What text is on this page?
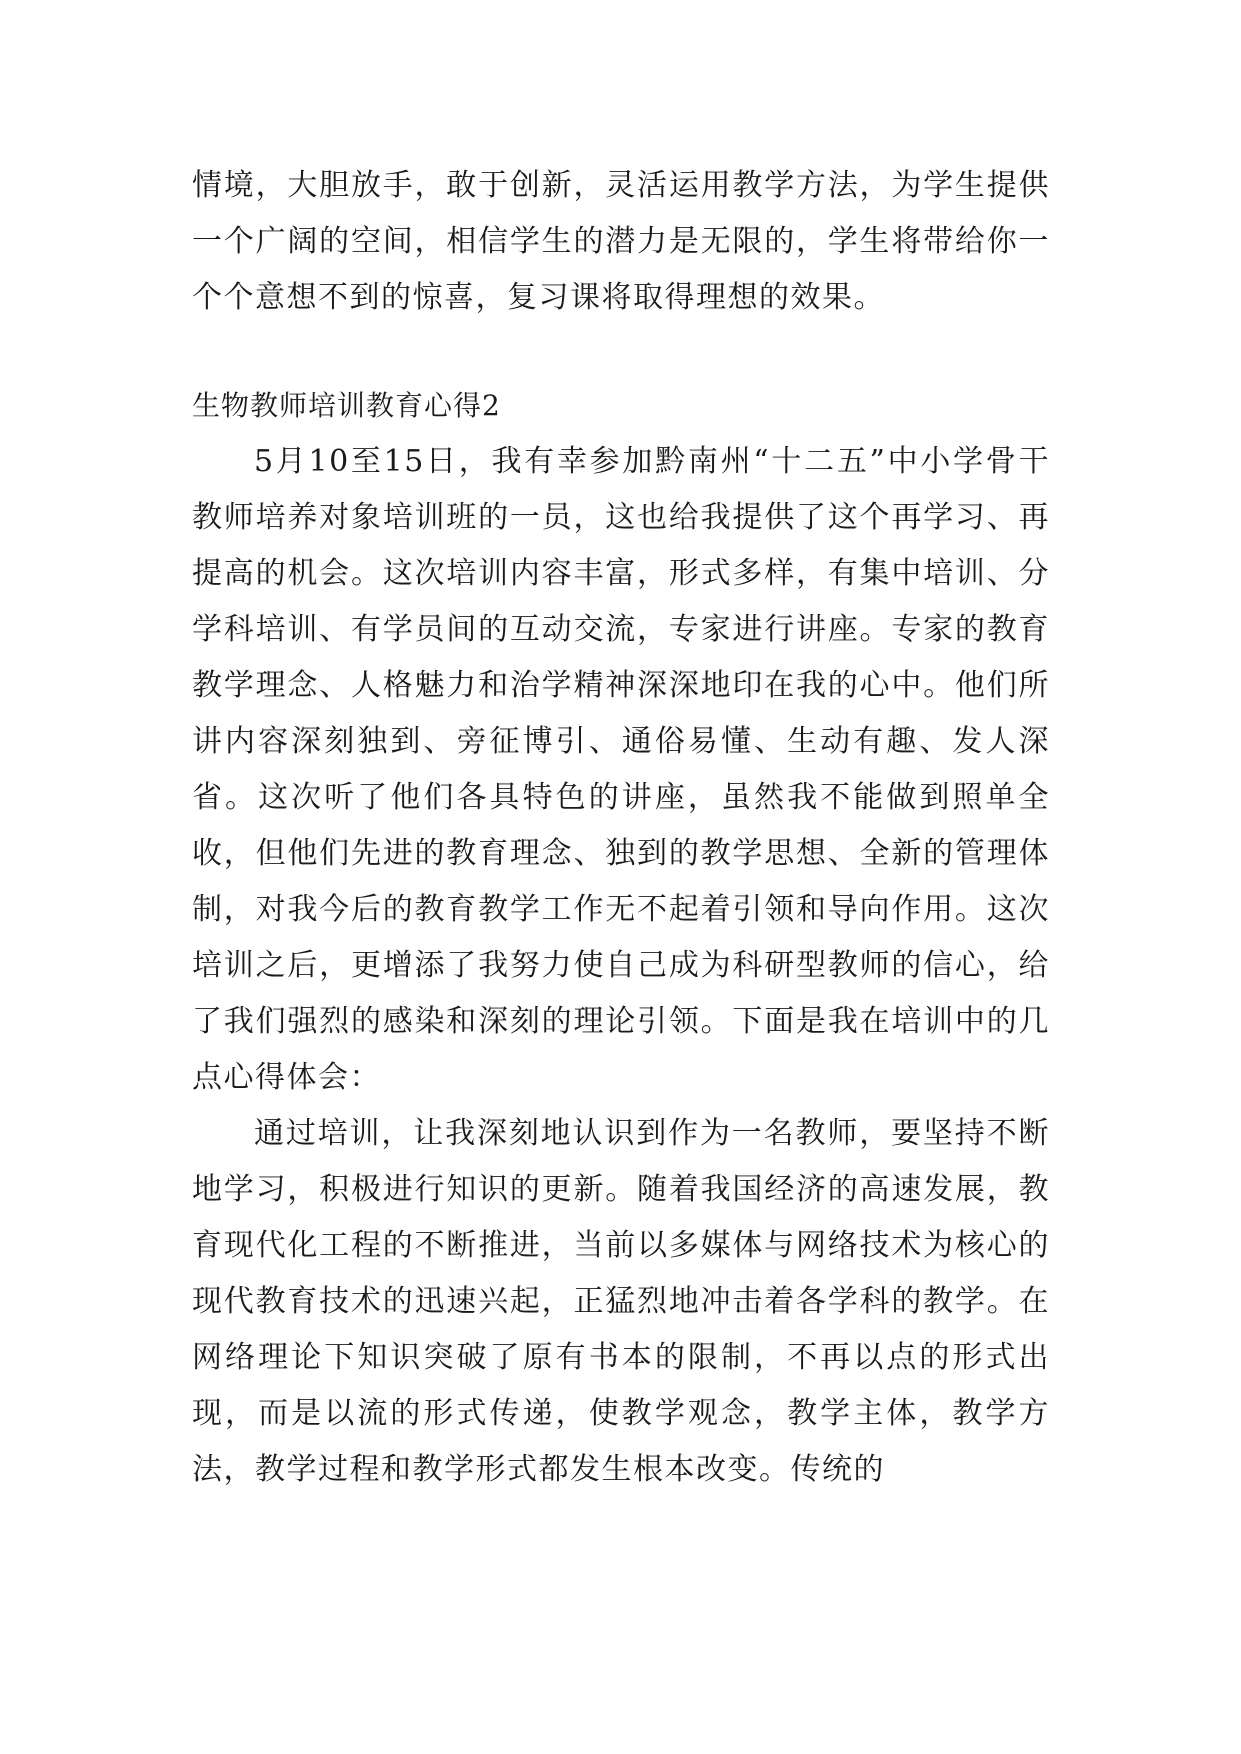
情境，大胆放手，敢于创新，灵活运用教学方法，为学生提供一个广阔的空间，相信学生的潜力是无限的，学生将带给你一个个意想不到的惊喜，复习课将取得理想的效果。

生物教师培训教育心得2

5月10至15日，我有幸参加黔南州“十二五”中小学骨干教师培养对象培训班的一员，这也给我提供了这个再学习、再提高的机会。这次培训内容丰富，形式多样，有集中培训、分学科培训、有学员间的互动交流，专家进行讲座。专家的教育教学理念、人格魅力和治学精神深深地印在我的心中。他们所讲内容深刻独到、旁征博引、通俗易懂、生动有趣、发人深省。这次听了他们各具特色的讲座，虽然我不能做到照单全收，但他们先进的教育理念、独到的教学思想、全新的管理体制，对我今后的教育教学工作无不起着引领和导向作用。这次培训之后，更增添了我努力使自己成为科研型教师的信心，给了我们强烈的感染和深刻的理论引领。下面是我在培训中的几点心得体会：

通过培训，让我深刻地认识到作为一名教师，要坚持不断地学习，积极进行知识的更新。随着我国经济的高速发展，教育现代化工程的不断推进，当前以多媒体与网络技术为核心的现代教育技术的迅速兴起，正猛烈地冲击着各学科的教学。在网络理论下知识突破了原有书本的限制，不再以点的形式出现，而是以流的形式传递，使教学观念，教学主体，教学方法，教学过程和教学形式都发生根本改变。传统的
